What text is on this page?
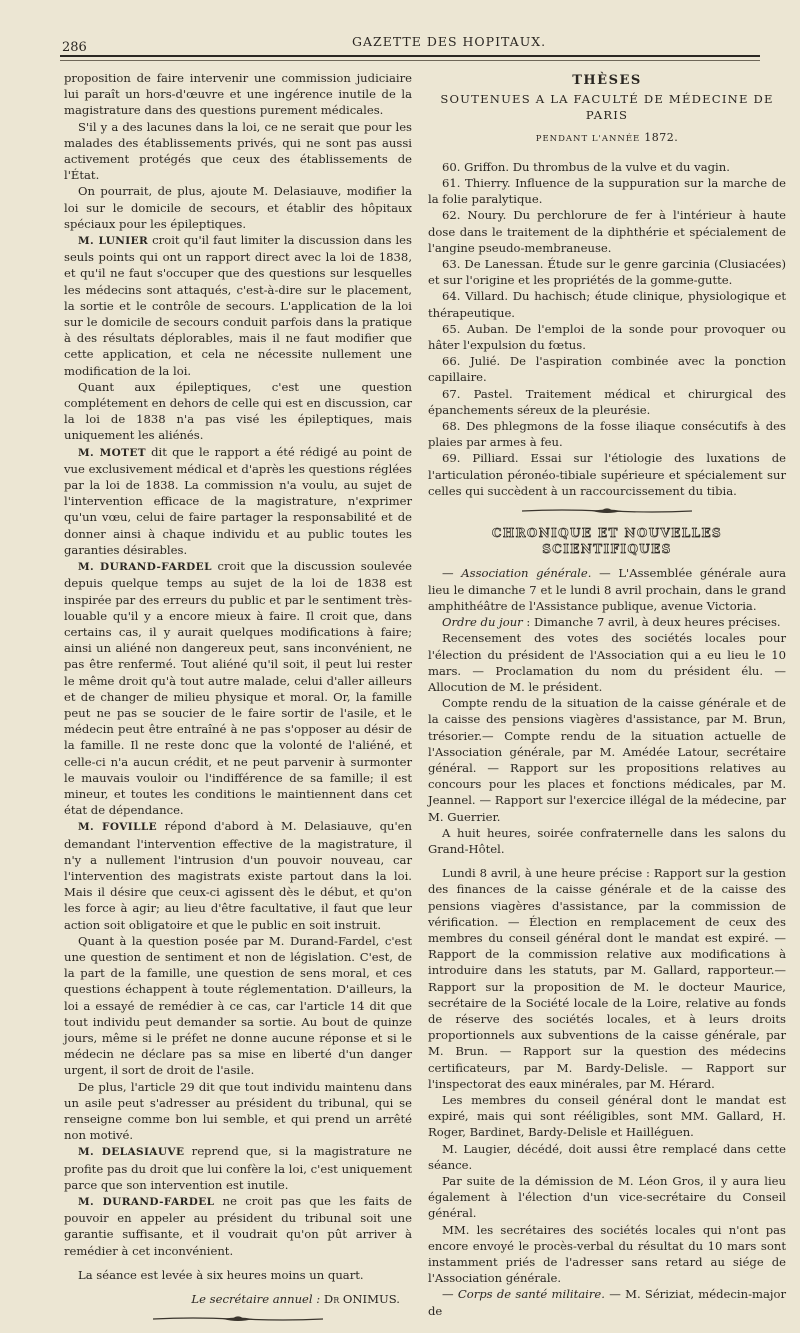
286	GAZETTE DES HOPITAUX.

proposition de faire intervenir une commission judiciaire lui paraît un hors-d'œuvre et une ingérence inutile de la magistrature dans des questions purement médicales.

S'il y a des lacunes dans la loi, ce ne serait que pour les malades des établissements privés, qui ne sont pas aussi activement protégés que ceux des établissements de l'État.

On pourrait, de plus, ajoute M. Delasiauve, modifier la loi sur le domicile de secours, et établir des hôpitaux spéciaux pour les épileptiques.

M. LUNIER croit qu'il faut limiter la discussion dans les seuls points qui ont un rapport direct avec la loi de 1838, et qu'il ne faut s'occuper que des questions sur lesquelles les médecins sont attaqués, c'est-à-dire sur le placement, la sortie et le contrôle de secours. L'application de la loi sur le domicile de secours conduit parfois dans la pratique à des résultats déplorables, mais il ne faut modifier que cette application, et cela ne nécessite nullement une modification de la loi.

Quant aux épileptiques, c'est une question complétement en dehors de celle qui est en discussion, car la loi de 1838 n'a pas visé les épileptiques, mais uniquement les aliénés.

M. MOTET dit que le rapport a été rédigé au point de vue exclusivement médical et d'après les questions réglées par la loi de 1838. La commission n'a voulu, au sujet de l'intervention efficace de la magistrature, n'exprimer qu'un vœu, celui de faire partager la responsabilité et de donner ainsi à chaque individu et au public toutes les garanties désirables.

M. DURAND-FARDEL croit que la discussion soulevée depuis quelque temps au sujet de la loi de 1838 est inspirée par des erreurs du public et par le sentiment très-louable qu'il y a encore mieux à faire. Il croit que, dans certains cas, il y aurait quelques modifications à faire; ainsi un aliéné non dangereux peut, sans inconvénient, ne pas être renfermé. Tout aliéné qu'il soit, il peut lui rester le même droit qu'à tout autre malade, celui d'aller ailleurs et de changer de milieu physique et moral. Or, la famille peut ne pas se soucier de le faire sortir de l'asile, et le médecin peut être entraîné à ne pas s'opposer au désir de la famille. Il ne reste donc que la volonté de l'aliéné, et celle-ci n'a aucun crédit, et ne peut parvenir à surmonter le mauvais vouloir ou l'indifférence de sa famille; il est mineur, et toutes les conditions le maintiennent dans cet état de dépendance.

M. FOVILLE répond d'abord à M. Delasiauve, qu'en demandant l'intervention effective de la magistrature, il n'y a nullement l'intrusion d'un pouvoir nouveau, car l'intervention des magistrats existe partout dans la loi. Mais il désire que ceux-ci agissent dès le début, et qu'on les force à agir; au lieu d'être facultative, il faut que leur action soit obligatoire et que le public en soit instruit.

Quant à la question posée par M. Durand-Fardel, c'est une question de sentiment et non de législation. C'est, de la part de la famille, une question de sens moral, et ces questions échappent à toute réglementation. D'ailleurs, la loi a essayé de remédier à ce cas, car l'article 14 dit que tout individu peut demander sa sortie. Au bout de quinze jours, même si le préfet ne donne aucune réponse et si le médecin ne déclare pas sa mise en liberté d'un danger urgent, il sort de droit de l'asile.

De plus, l'article 29 dit que tout individu maintenu dans un asile peut s'adresser au président du tribunal, qui se renseigne comme bon lui semble, et qui prend un arrêté non motivé.

M. DELASIAUVE reprend que, si la magistrature ne profite pas du droit que lui confère la loi, c'est uniquement parce que son intervention est inutile.

M. DURAND-FARDEL ne croit pas que les faits de pouvoir en appeler au président du tribunal soit une garantie suffisante, et il voudrait qu'on pût arriver à remédier à cet inconvénient.

La séance est levée à six heures moins un quart.

Le secrétaire annuel : Dr ONIMUS.
THÈSES
SOUTENUES A LA FACULTÉ DE MÉDECINE DE PARIS
PENDANT L'ANNÉE 1872.

60. Griffon. Du thrombus de la vulve et du vagin.

61. Thierry. Influence de la suppuration sur la marche de la folie paralytique.

62. Noury. Du perchlorure de fer à l'intérieur à haute dose dans le traitement de la diphthérie et spécialement de l'angine pseudo-membraneuse.

63. De Lanessan. Étude sur le genre garcinia (Clusiacées) et sur l'origine et les propriétés de la gomme-gutte.

64. Villard. Du hachisch; étude clinique, physiologique et thérapeutique.

65. Auban. De l'emploi de la sonde pour provoquer ou hâter l'expulsion du fœtus.

66. Julié. De l'aspiration combinée avec la ponction capillaire.

67. Pastel. Traitement médical et chirurgical des épanchements séreux de la pleurésie.

68. Des phlegmons de la fosse iliaque consécutifs à des plaies par armes à feu.

69. Pilliard. Essai sur l'étiologie des luxations de l'articulation péronéo-tibiale supérieure et spécialement sur celles qui succèdent à un raccourcissement du tibia.

CHRONIQUE ET NOUVELLES SCIENTIFIQUES

— Association générale. — L'Assemblée générale aura lieu le dimanche 7 et le lundi 8 avril prochain, dans le grand amphithéâtre de l'Assistance publique, avenue Victoria.

Ordre du jour : Dimanche 7 avril, à deux heures précises.

Recensement des votes des sociétés locales pour l'élection du président de l'Association qui a eu lieu le 10 mars. — Proclamation du nom du président élu. — Allocution de M. le président.

Compte rendu de la situation de la caisse générale et de la caisse des pensions viagères d'assistance, par M. Brun, trésorier.— Compte rendu de la situation actuelle de l'Association générale, par M. Amédée Latour, secrétaire général. — Rapport sur les propositions relatives au concours pour les places et fonctions médicales, par M. Jeannel. — Rapport sur l'exercice illégal de la médecine, par M. Guerrier.

A huit heures, soirée confraternelle dans les salons du Grand-Hôtel.

Lundi 8 avril, à une heure précise : Rapport sur la gestion des finances de la caisse générale et de la caisse des pensions viagères d'assistance, par la commission de vérification. — Élection en remplacement de ceux des membres du conseil général dont le mandat est expiré. — Rapport de la commission relative aux modifications à introduire dans les statuts, par M. Gallard, rapporteur.— Rapport sur la proposition de M. le docteur Maurice, secrétaire de la Société locale de la Loire, relative au fonds de réserve des sociétés locales, et à leurs droits proportionnels aux subventions de la caisse générale, par M. Brun. — Rapport sur la question des médecins certificateurs, par M. Bardy-Delisle. — Rapport sur l'inspectorat des eaux minérales, par M. Hérard.

Les membres du conseil général dont le mandat est expiré, mais qui sont rééligibles, sont MM. Gallard, H. Roger, Bardinet, Bardy-Delisle et Hailléguen.

M. Laugier, décédé, doit aussi être remplacé dans cette séance.

Par suite de la démission de M. Léon Gros, il y aura lieu également à l'élection d'un vice-secrétaire du Conseil général.

MM. les secrétaires des sociétés locales qui n'ont pas encore envoyé le procès-verbal du résultat du 10 mars sont instamment priés de l'adresser sans retard au siége de l'Association générale.

— Corps de santé militaire. — M. Sériziat, médecin-major de
